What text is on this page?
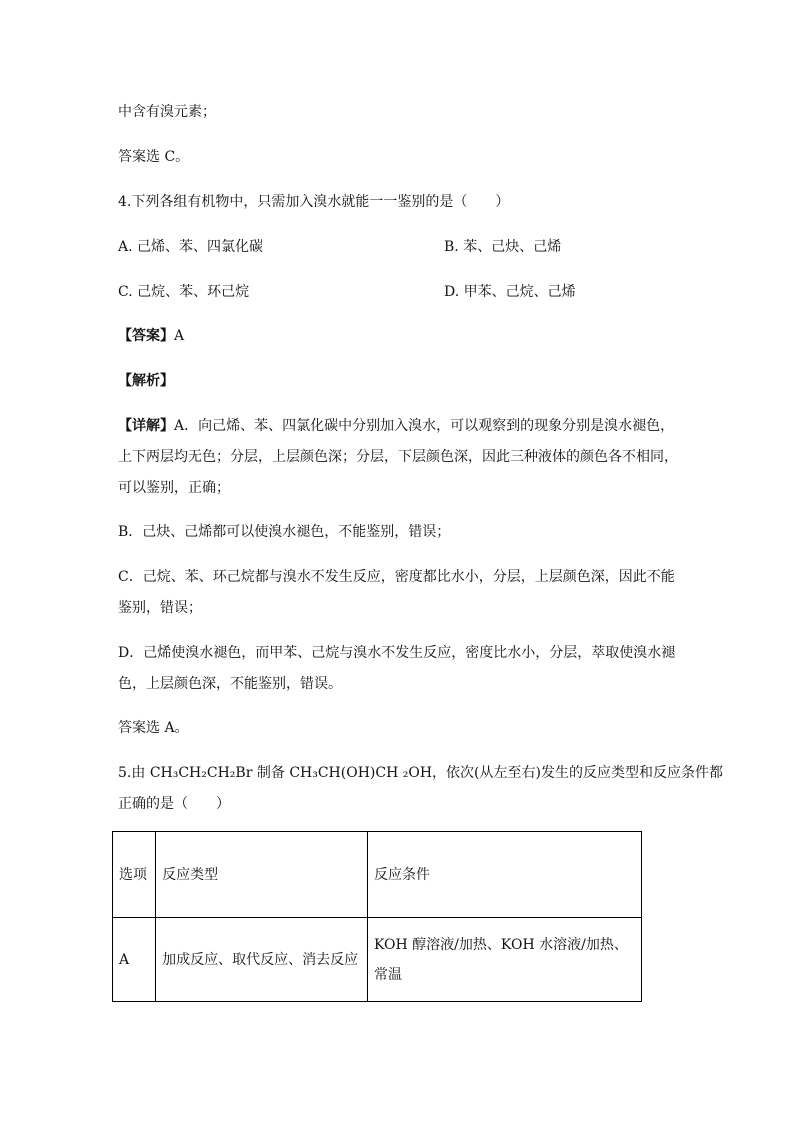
中含有溴元素；
答案选 C。
4.下列各组有机物中，只需加入溴水就能一一鉴别的是（　　）
A. 己烯、苯、四氯化碳	B. 苯、己炔、己烯
C. 己烷、苯、环己烷	D. 甲苯、己烷、己烯
【答案】A
【解析】
【详解】A．向己烯、苯、四氯化碳中分别加入溴水，可以观察到的现象分别是溴水褪色，
上下两层均无色；分层，上层颜色深；分层，下层颜色深，因此三种液体的颜色各不相同，
可以鉴别，正确；
B．己炔、己烯都可以使溴水褪色，不能鉴别，错误；
C．己烷、苯、环己烷都与溴水不发生反应，密度都比水小，分层，上层颜色深，因此不能
鉴别，错误；
D．己烯使溴水褪色，而甲苯、己烷与溴水不发生反应，密度比水小，分层，萃取使溴水褪
色，上层颜色深，不能鉴别，错误。
答案选 A。
5.由 CH₃CH₂CH₂Br 制备 CH₃CH(OH)CH ₂OH，依次(从左至右)发生的反应类型和反应条件都
正确的是（　　）
选项	反应类型	反应条件
A	加成反应、取代反应、消去反应	KOH 醇溶液/加热、KOH 水溶液/加热、常温
